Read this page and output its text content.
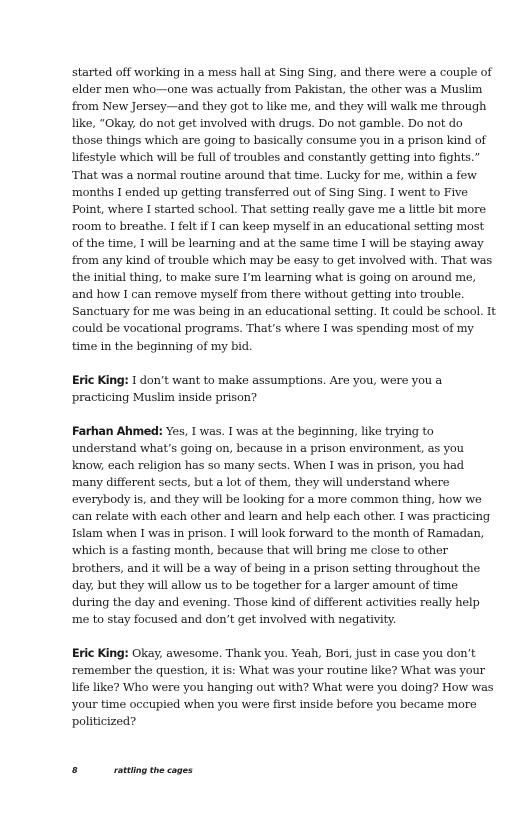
started off working in a mess hall at Sing Sing, and there were a couple of elder men who—one was actually from Pakistan, the other was a Muslim from New Jersey—and they got to like me, and they will walk me through like, “Okay, do not get involved with drugs. Do not gamble. Do not do those things which are going to basically consume you in a prison kind of lifestyle which will be full of troubles and constantly getting into fights.” That was a normal routine around that time. Lucky for me, within a few months I ended up getting transferred out of Sing Sing. I went to Five Point, where I started school. That setting really gave me a little bit more room to breathe. I felt if I can keep myself in an educational setting most of the time, I will be learning and at the same time I will be staying away from any kind of trouble which may be easy to get involved with. That was the initial thing, to make sure I’m learning what is going on around me, and how I can remove myself from there without getting into trouble. Sanctuary for me was being in an educational setting. It could be school. It could be vocational programs. That’s where I was spending most of my time in the beginning of my bid.

Eric King: I don’t want to make assumptions. Are you, were you a practicing Muslim inside prison?

Farhan Ahmed: Yes, I was. I was at the beginning, like trying to understand what’s going on, because in a prison environment, as you know, each religion has so many sects. When I was in prison, you had many different sects, but a lot of them, they will understand where everybody is, and they will be looking for a more common thing, how we can relate with each other and learn and help each other. I was practicing Islam when I was in prison. I will look forward to the month of Ramadan, which is a fasting month, because that will bring me close to other brothers, and it will be a way of being in a prison setting throughout the day, but they will allow us to be together for a larger amount of time during the day and evening. Those kind of different activities really help me to stay focused and don’t get involved with negativity.

Eric King: Okay, awesome. Thank you. Yeah, Bori, just in case you don’t remember the question, it is: What was your routine like? What was your life like? Who were you hanging out with? What were you doing? How was your time occupied when you were first inside before you became more politicized?

8	rattling the cages
